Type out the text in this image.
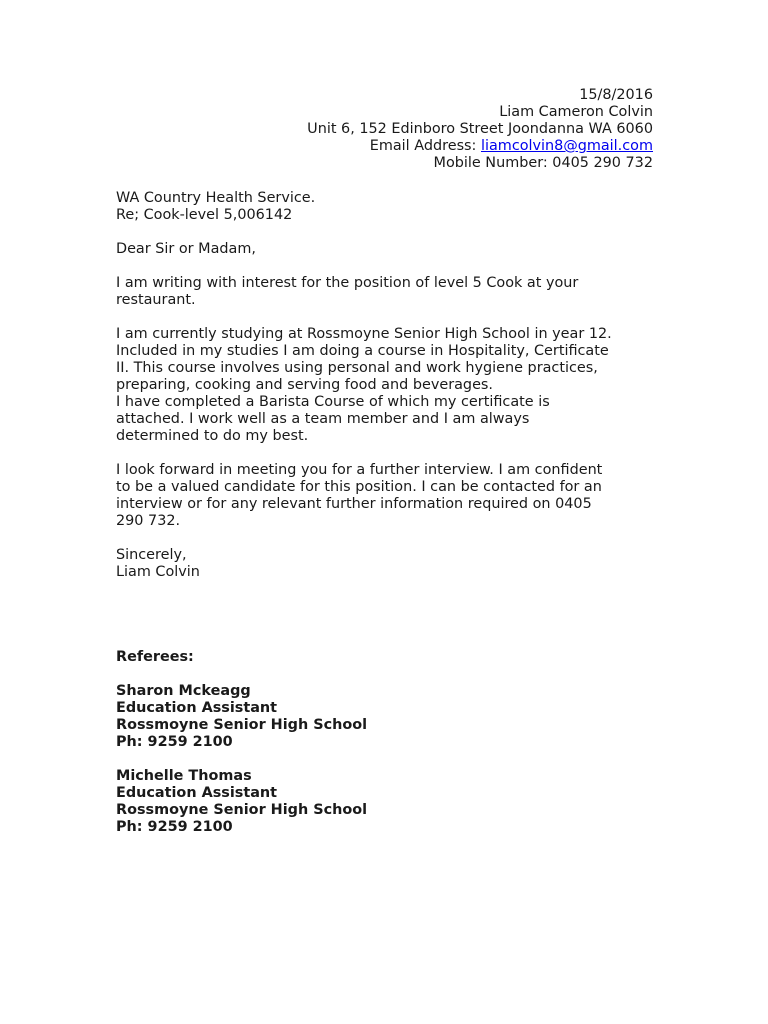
15/8/2016
Liam Cameron Colvin
Unit 6, 152 Edinboro Street Joondanna WA 6060
Email Address: liamcolvin8@gmail.com
Mobile Number: 0405 290 732
WA Country Health Service.
Re; Cook-level 5,006142
Dear Sir or Madam,
I am writing with interest for the position of level 5 Cook at your
restaurant.
I am currently studying at Rossmoyne Senior High School in year 12.
Included in my studies I am doing a course in Hospitality, Certificate
II. This course involves using personal and work hygiene practices,
preparing, cooking and serving food and beverages.
I have completed a Barista Course of which my certificate is
attached. I work well as a team member and I am always
determined to do my best.
I look forward in meeting you for a further interview. I am confident
to be a valued candidate for this position. I can be contacted for an
interview or for any relevant further information required on 0405
290 732.
Sincerely,
Liam Colvin
Referees:
Sharon Mckeagg
Education Assistant
Rossmoyne Senior High School
Ph: 9259 2100
Michelle Thomas
Education Assistant
Rossmoyne Senior High School
Ph: 9259 2100
